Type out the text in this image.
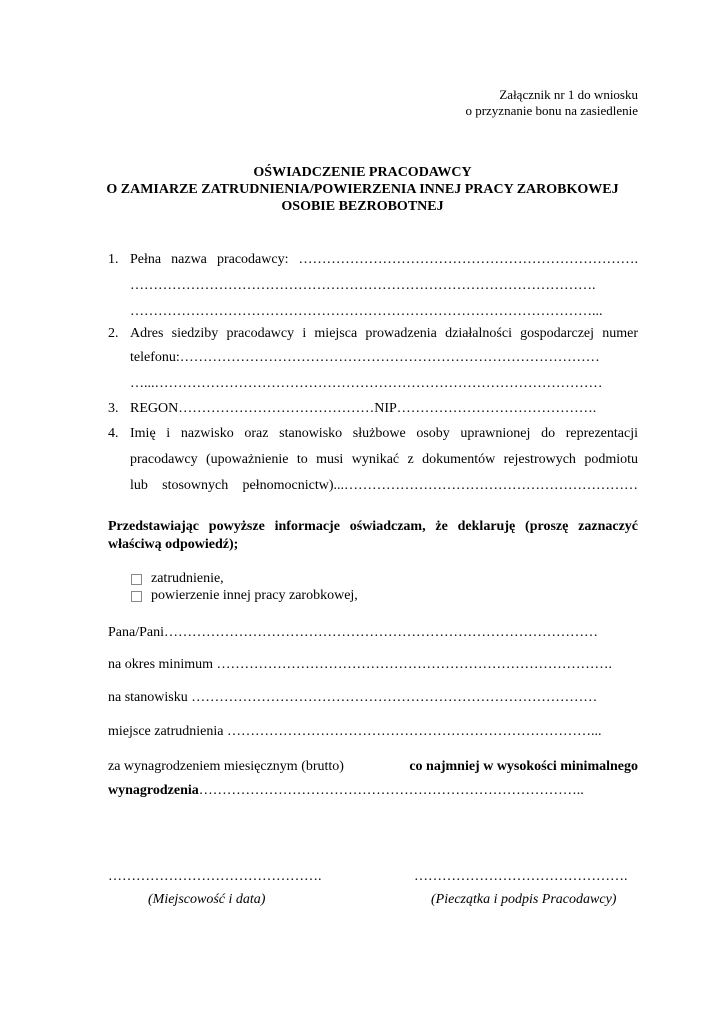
Załącznik nr 1 do wniosku
o przyznanie bonu na zasiedlenie
OŚWIADCZENIE PRACODAWCY
O ZAMIARZE ZATRUDNIENIA/POWIERZENIA INNEJ PRACY ZAROBKOWEJ
OSOBIE BEZROBOTNEJ
1. Pełna nazwa pracodawcy: ……………………………………………………………….
……………………………………………………………………………………….
………………………………………………………………………………………...
2. Adres siedziby pracodawcy i miejsca prowadzenia działalności gospodarczej numer
telefonu:………………………………………………………………………………
…...……………………………………………………………………………………
3. REGON……………………………………NIP…………………………………….
4. Imię i nazwisko oraz stanowisko służbowe osoby uprawnionej do reprezentacji
pracodawcy (upoważnienie to musi wynikać z dokumentów rejestrowych podmiotu
lub stosownych pełnomocnictw)...………………………………………………………
Przedstawiając powyższe informacje oświadczam, że deklaruję (proszę zaznaczyć
właściwą odpowiedź);
zatrudnienie,
powierzenie innej pracy zarobkowej,
Pana/Pani…………………………………………………………………………………
na okres minimum ………………………………………………………………………….
na stanowisku ……………………………………………………………………………
miejsce zatrudnienia ……………………………………………………………………...
za wynagrodzeniem miesięcznym (brutto)	co najmniej w wysokości minimalnego
wynagrodzenia………………………………………………………………………..
……………………………………….
(Miejscowość i data)
……………………………………….
(Pieczątka i podpis Pracodawcy)
